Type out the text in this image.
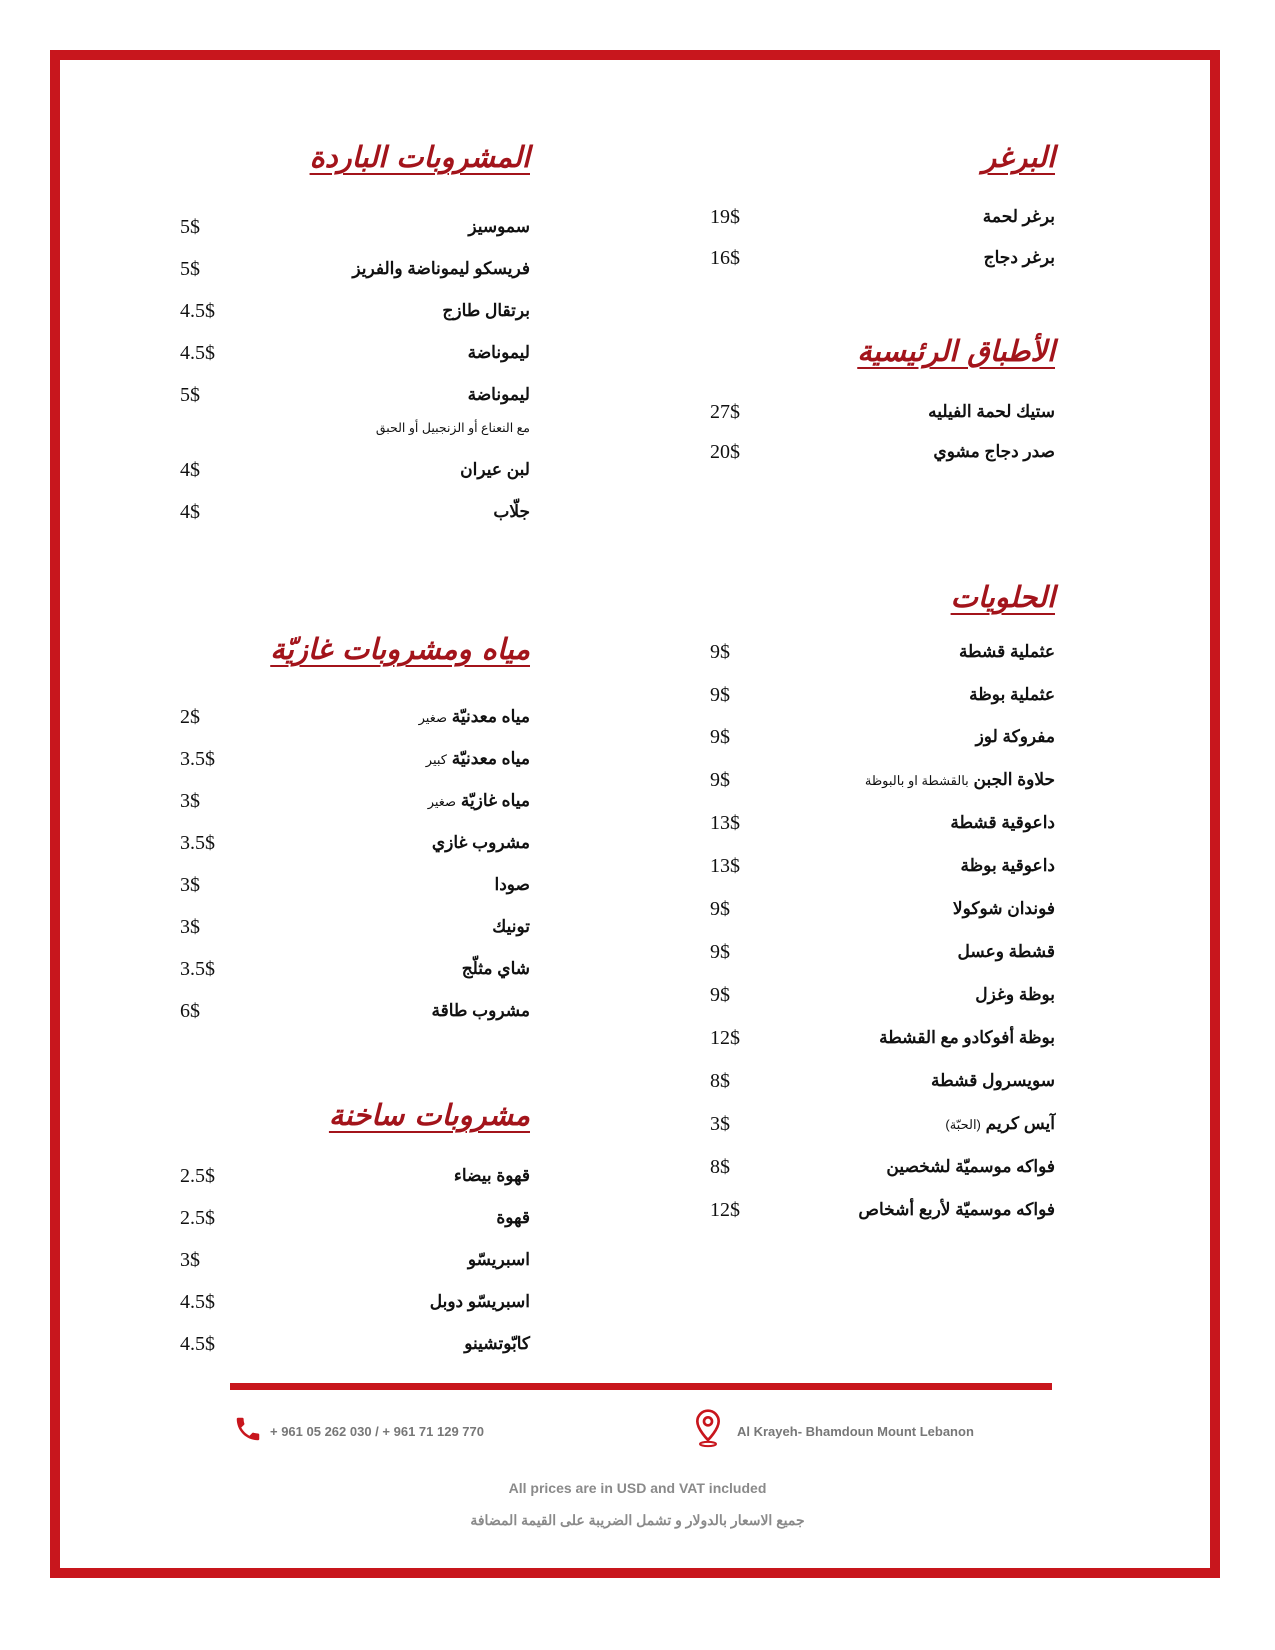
البرغر
برغر لحمة
19$
برغر دجاج
16$
الأطباق الرئيسية
ستيك لحمة الفيليه
27$
صدر دجاج مشوي
20$
الحلويات
عثملية قشطة
9$
عثملية بوظة
9$
مفروكة لوز
9$
حلاوة الجبن بالقشطة او بالبوظة
9$
داعوقية قشطة
13$
داعوقية بوظة
13$
فوندان شوكولا
9$
قشطة وعسل
9$
بوظة وغزل
9$
بوظة أفوكادو مع القشطة
12$
سويسرول قشطة
8$
آيس كريم (الحبّة)
3$
فواكه موسميّة لشخصين
8$
فواكه موسميّة لأربع أشخاص
12$
المشروبات الباردة
سموسيز
5$
فريسكو ليموناضة والفريز
5$
برتقال طازج
4.5$
ليموناضة
4.5$
ليموناضة
5$
مع النعناع أو الزنجبيل أو الحبق
لبن عيران
4$
جلّاب
4$
مياه ومشروبات غازيّة
مياه معدنيّة صغير
2$
مياه معدنيّة كبير
3.5$
مياه غازيّة صغير
3$
مشروب غازي
3.5$
صودا
3$
تونيك
3$
شاي مثلّج
3.5$
مشروب طاقة
6$
مشروبات ساخنة
قهوة بيضاء
2.5$
قهوة
2.5$
اسبريسّو
3$
اسبريسّو دوبل
4.5$
كابّوتشينو
4.5$
+ 961 05 262 030 / + 961 71 129 770	Al Krayeh- Bhamdoun Mount Lebanon
All prices are in USD and VAT included
جميع الاسعار بالدولار و تشمل الضريبة على القيمة المضافة
